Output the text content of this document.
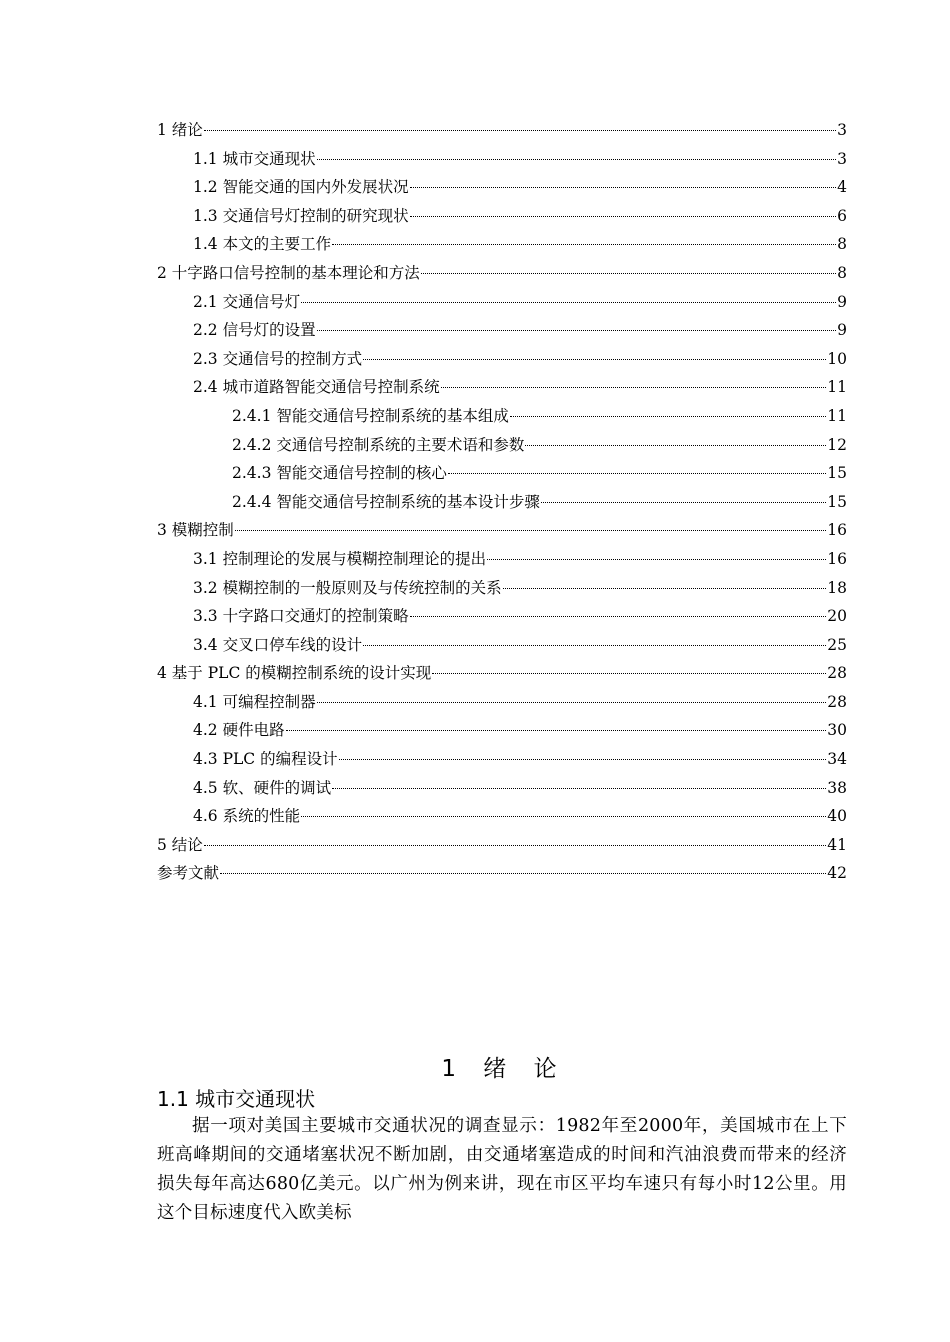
1 绪论	3
1.1 城市交通现状	3
1.2 智能交通的国内外发展状况	4
1.3 交通信号灯控制的研究现状	6
1.4 本文的主要工作	8
2 十字路口信号控制的基本理论和方法	8
2.1 交通信号灯	9
2.2 信号灯的设置	9
2.3 交通信号的控制方式	10
2.4 城市道路智能交通信号控制系统	11
2.4.1 智能交通信号控制系统的基本组成	11
2.4.2 交通信号控制系统的主要术语和参数	12
2.4.3 智能交通信号控制的核心	15
2.4.4 智能交通信号控制系统的基本设计步骤	15
3 模糊控制	16
3.1 控制理论的发展与模糊控制理论的提出	16
3.2 模糊控制的一般原则及与传统控制的关系	18
3.3 十字路口交通灯的控制策略	20
3.4 交叉口停车线的设计	25
4 基于 PLC 的模糊控制系统的设计实现	28
4.1 可编程控制器	28
4.2 硬件电路	30
4.3 PLC 的编程设计	34
4.5 软、硬件的调试	38
4.6 系统的性能	40
5 结论	41
参考文献	42
1 绪 论
1.1 城市交通现状
据一项对美国主要城市交通状况的调查显示：1982年至2000年，美国城市在上下班高峰期间的交通堵塞状况不断加剧，由交通堵塞造成的时间和汽油浪费而带来的经济损失每年高达680亿美元。以广州为例来讲，现在市区平均车速只有每小时12公里。用这个目标速度代入欧美标
